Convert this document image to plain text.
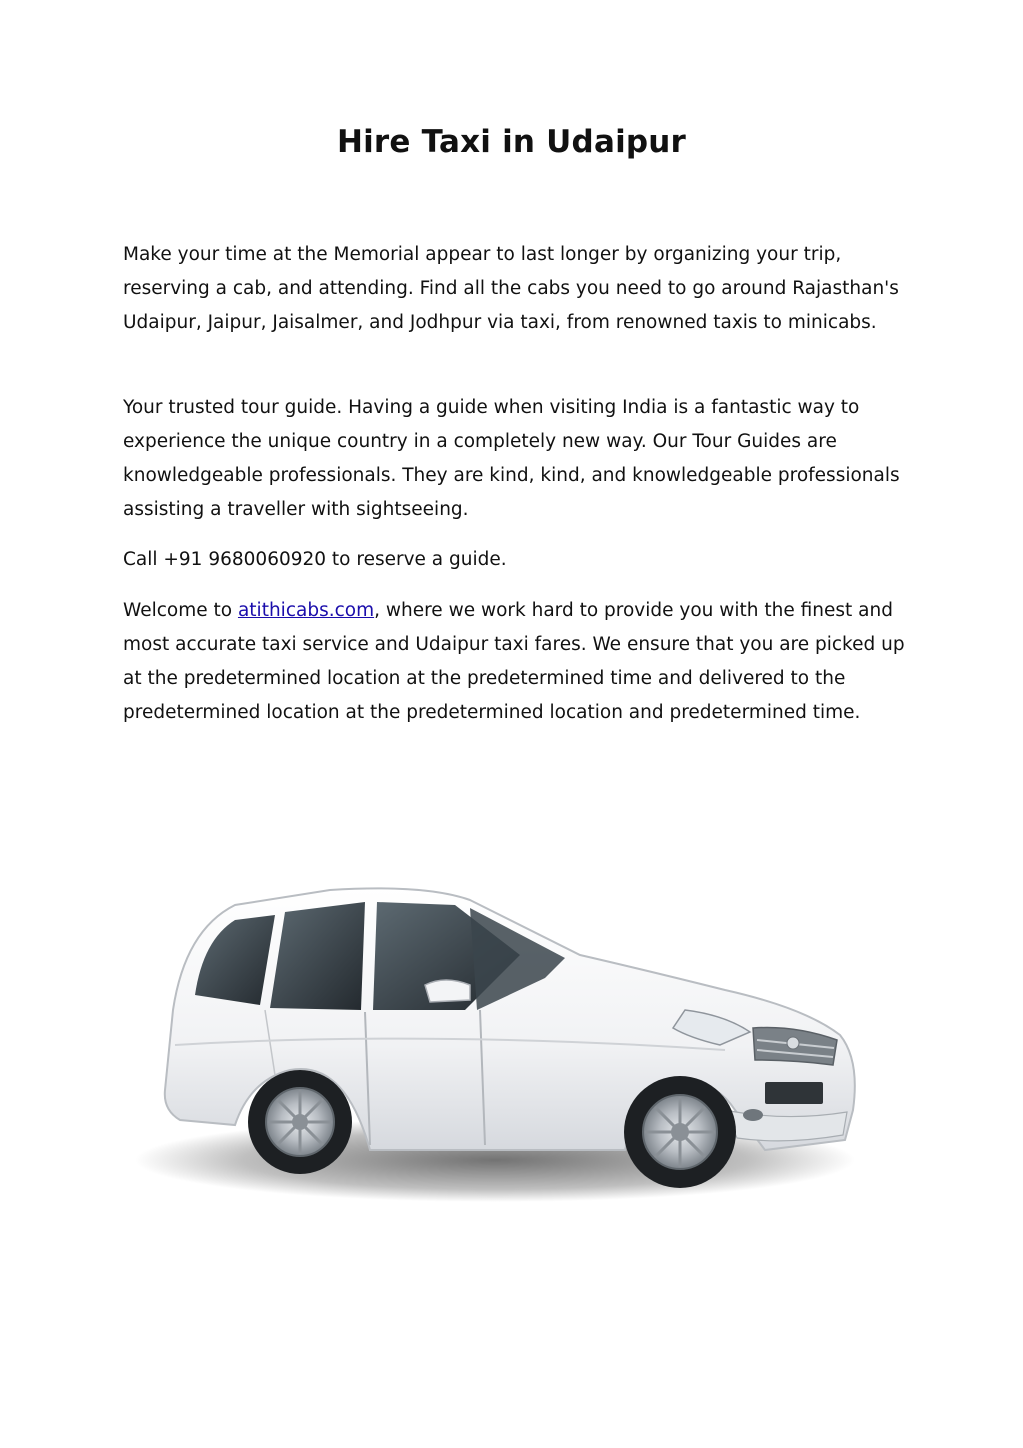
Hire Taxi in Udaipur

Make your time at the Memorial appear to last longer by organizing your trip, reserving a cab, and attending. Find all the cabs you need to go around Rajasthan's Udaipur, Jaipur, Jaisalmer, and Jodhpur via taxi, from renowned taxis to minicabs.

Your trusted tour guide. Having a guide when visiting India is a fantastic way to experience the unique country in a completely new way. Our Tour Guides are knowledgeable professionals. They are kind, kind, and knowledgeable professionals assisting a traveller with sightseeing.

Call +91 9680060920 to reserve a guide.

Welcome to atithicabs.com, where we work hard to provide you with the finest and most accurate taxi service and Udaipur taxi fares. We ensure that you are picked up at the predetermined location at the predetermined time and delivered to the predetermined location at the predetermined location and predetermined time.
